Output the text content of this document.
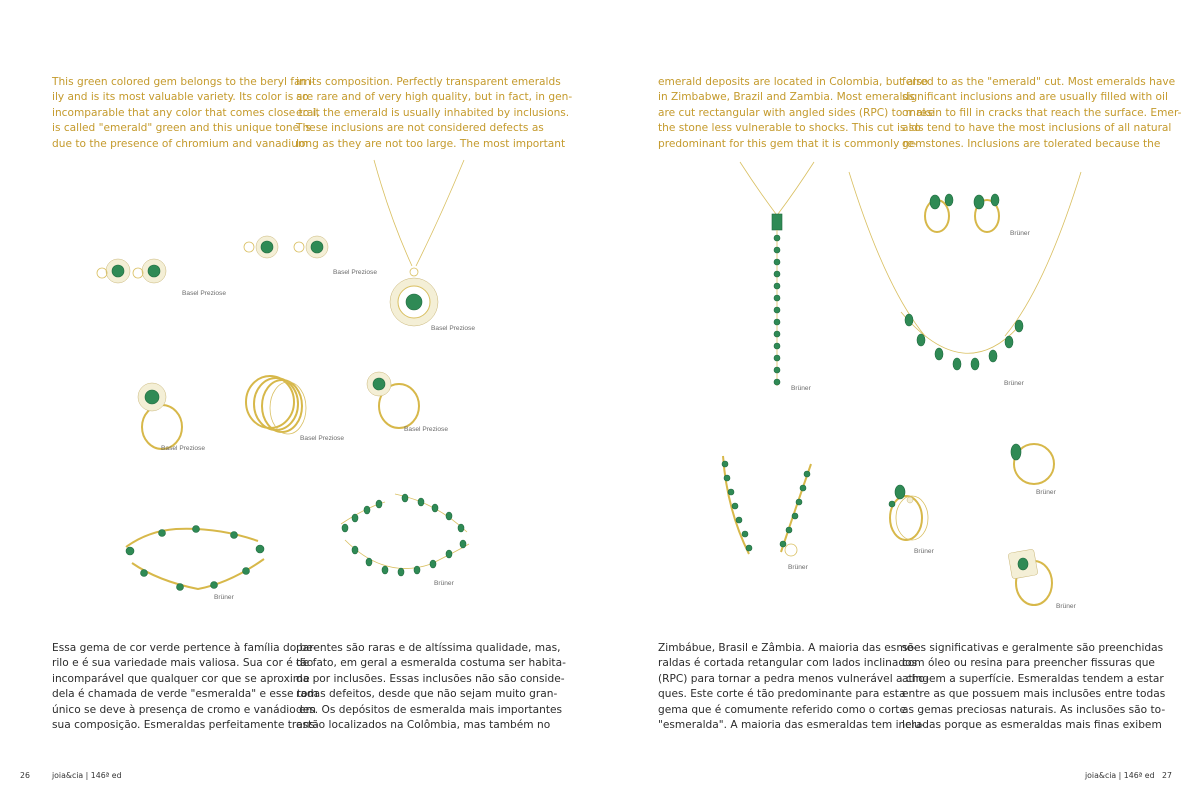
This green colored gem belongs to the beryl fam-
ily and is its most valuable variety. Its color is so
incomparable that any color that comes close to it
is called "emerald" green and this unique tone is
due to the presence of chromium and vanadium
in its composition. Perfectly transparent emeralds
are rare and of very high quality, but in fact, in gen-
eral, the emerald is usually inhabited by inclusions.
These inclusions are not considered defects as
long as they are not too large. The most important
Essa gema de cor verde pertence à família do be-
rilo e é sua variedade mais valiosa. Sua cor é tão
incomparável que qualquer cor que se aproxime
dela é chamada de verde "esmeralda" e esse tom
único se deve à presença de cromo e vanádio em
sua composição. Esmeraldas perfeitamente trans-
parentes são raras e de altíssima qualidade, mas,
de fato, em geral a esmeralda costuma ser habita-
da por inclusões. Essas inclusões não são conside-
radas defeitos, desde que não sejam muito gran-
des. Os depósitos de esmeralda mais importantes
estão localizados na Colômbia, mas também no
emerald deposits are located in Colombia, but also
in Zimbabwe, Brazil and Zambia. Most emeralds
are cut rectangular with angled sides (RPC) to make
the stone less vulnerable to shocks. This cut is so
predominant for this gem that it is commonly re-
ferred to as the "emerald" cut. Most emeralds have
significant inclusions and are usually filled with oil
or resin to fill in cracks that reach the surface. Emer-
alds tend to have the most inclusions of all natural
gemstones. Inclusions are tolerated because the
Zimbábue, Brasil e Zâmbia. A maioria das esme-
raldas é cortada retangular com lados inclinados
(RPC) para tornar a pedra menos vulnerável a cho-
ques. Este corte é tão predominante para esta
gema que é comumente referido como o corte
"esmeralda". A maioria das esmeraldas tem inclu-
sões significativas e geralmente são preenchidas
com óleo ou resina para preencher fissuras que
atingem a superfície. Esmeraldas tendem a estar
entre as que possuem mais inclusões entre todas
as gemas preciosas naturais. As inclusões são to-
leradas porque as esmeraldas mais finas exibem
Basel Preziose
Basel Preziose
Basel Preziose
Basel Preziose
Basel Preziose
Basel Preziose
Brüner
Brüner
Brüner
Brüner
Brüner
Brüner
Brüner
Brüner
Brüner
26	joia&cia | 146ª ed	joia&cia | 146ª ed 27
